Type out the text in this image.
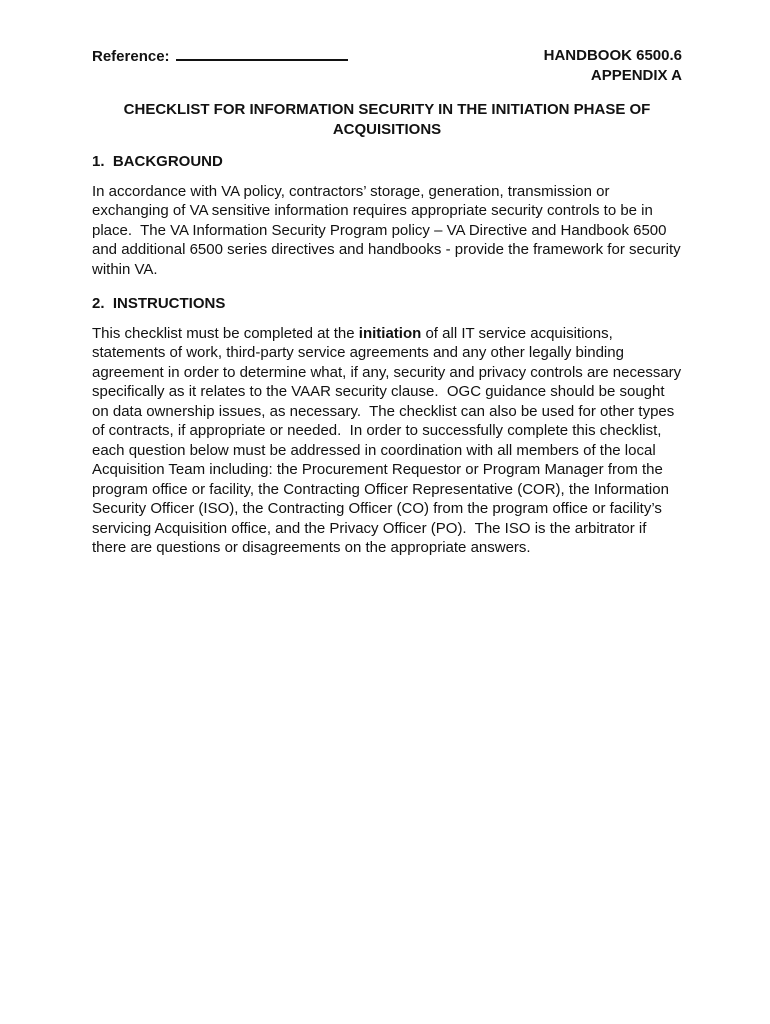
Reference:	HANDBOOK 6500.6
APPENDIX A
CHECKLIST FOR INFORMATION SECURITY IN THE INITIATION PHASE OF ACQUISITIONS
1.  BACKGROUND

In accordance with VA policy, contractors’ storage, generation, transmission or exchanging of VA sensitive information requires appropriate security controls to be in place.  The VA Information Security Program policy – VA Directive and Handbook 6500 and additional 6500 series directives and handbooks - provide the framework for security within VA.

2.  INSTRUCTIONS

This checklist must be completed at the initiation of all IT service acquisitions, statements of work, third-party service agreements and any other legally binding agreement in order to determine what, if any, security and privacy controls are necessary specifically as it relates to the VAAR security clause.  OGC guidance should be sought on data ownership issues, as necessary.  The checklist can also be used for other types of contracts, if appropriate or needed.  In order to successfully complete this checklist, each question below must be addressed in coordination with all members of the local Acquisition Team including: the Procurement Requestor or Program Manager from the program office or facility, the Contracting Officer Representative (COR), the Information Security Officer (ISO), the Contracting Officer (CO) from the program office or facility’s servicing Acquisition office, and the Privacy Officer (PO).  The ISO is the arbitrator if there are questions or disagreements on the appropriate answers.
